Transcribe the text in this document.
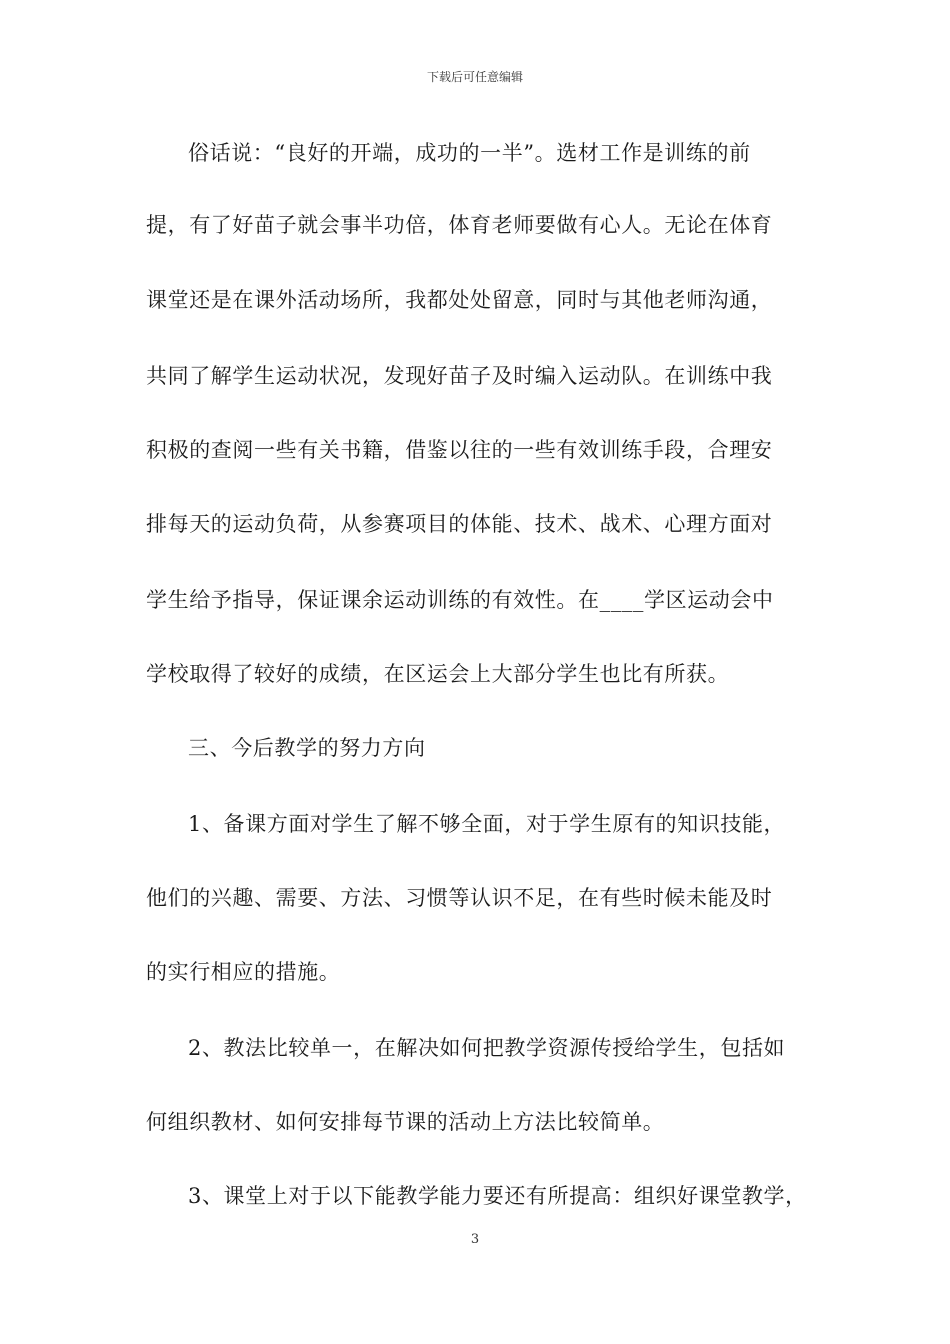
下载后可任意编辑
俗话说：“良好的开端，成功的一半”。选材工作是训练的前
提，有了好苗子就会事半功倍，体育老师要做有心人。无论在体育
课堂还是在课外活动场所，我都处处留意，同时与其他老师沟通，
共同了解学生运动状况，发现好苗子及时编入运动队。在训练中我
积极的查阅一些有关书籍，借鉴以往的一些有效训练手段，合理安
排每天的运动负荷，从参赛项目的体能、技术、战术、心理方面对
学生给予指导，保证课余运动训练的有效性。在____学区运动会中
学校取得了较好的成绩，在区运会上大部分学生也比有所获。
三、今后教学的努力方向
1、备课方面对学生了解不够全面，对于学生原有的知识技能，
他们的兴趣、需要、方法、习惯等认识不足，在有些时候未能及时
的实行相应的措施。
2、教法比较单一，在解决如何把教学资源传授给学生，包括如
何组织教材、如何安排每节课的活动上方法比较简单。
3、课堂上对于以下能教学能力要还有所提高：组织好课堂教学，
3
